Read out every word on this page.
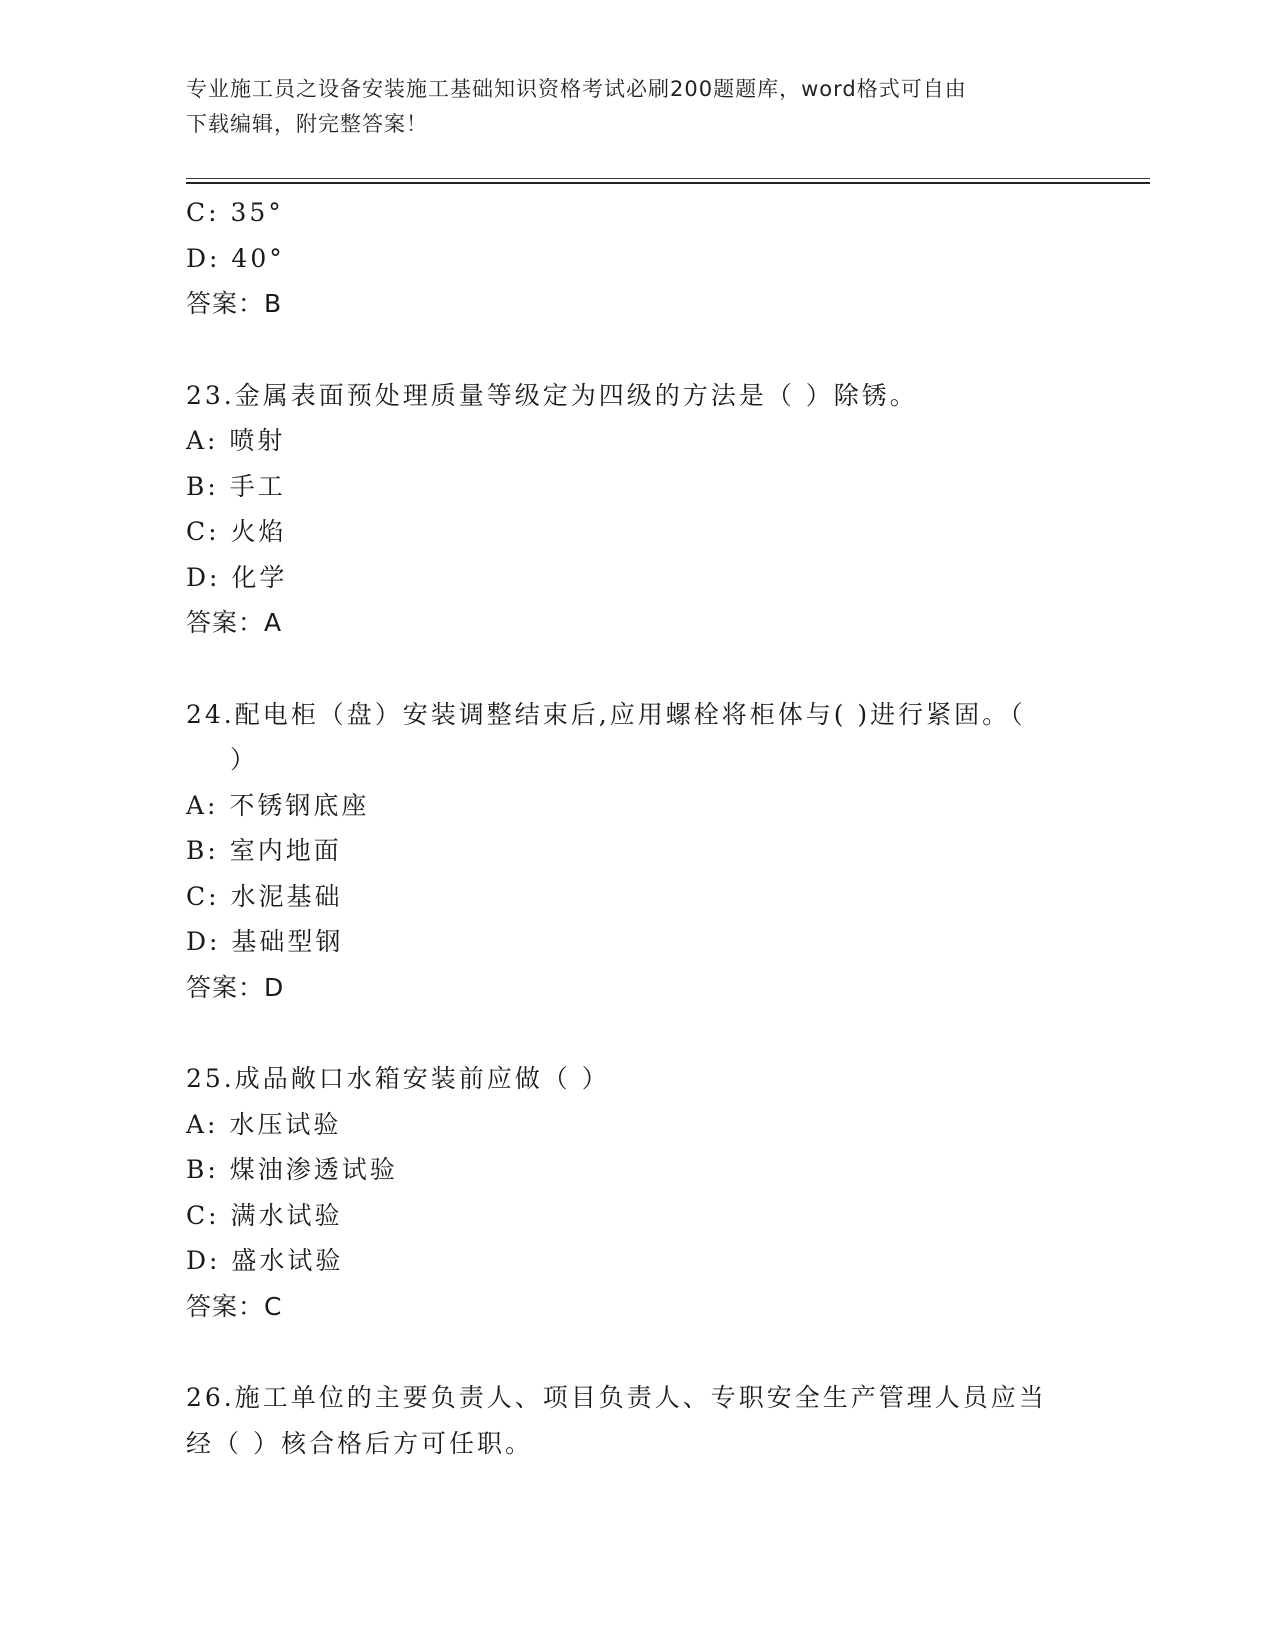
专业施工员之设备安装施工基础知识资格考试必刷200题题库，word格式可自由
下载编辑，附完整答案！
C: 35°
D: 40°
答案：B
23.金属表面预处理质量等级定为四级的方法是（ ）除锈。
A: 喷射
B: 手工
C: 火焰
D: 化学
答案：A
24.配电柜（盘）安装调整结束后,应用螺栓将柜体与( )进行紧固。（
）
A: 不锈钢底座
B: 室内地面
C: 水泥基础
D: 基础型钢
答案：D
25.成品敞口水箱安装前应做（ ）
A: 水压试验
B: 煤油渗透试验
C: 满水试验
D: 盛水试验
答案：C
26.施工单位的主要负责人、项目负责人、专职安全生产管理人员应当
经（ ）核合格后方可任职。
